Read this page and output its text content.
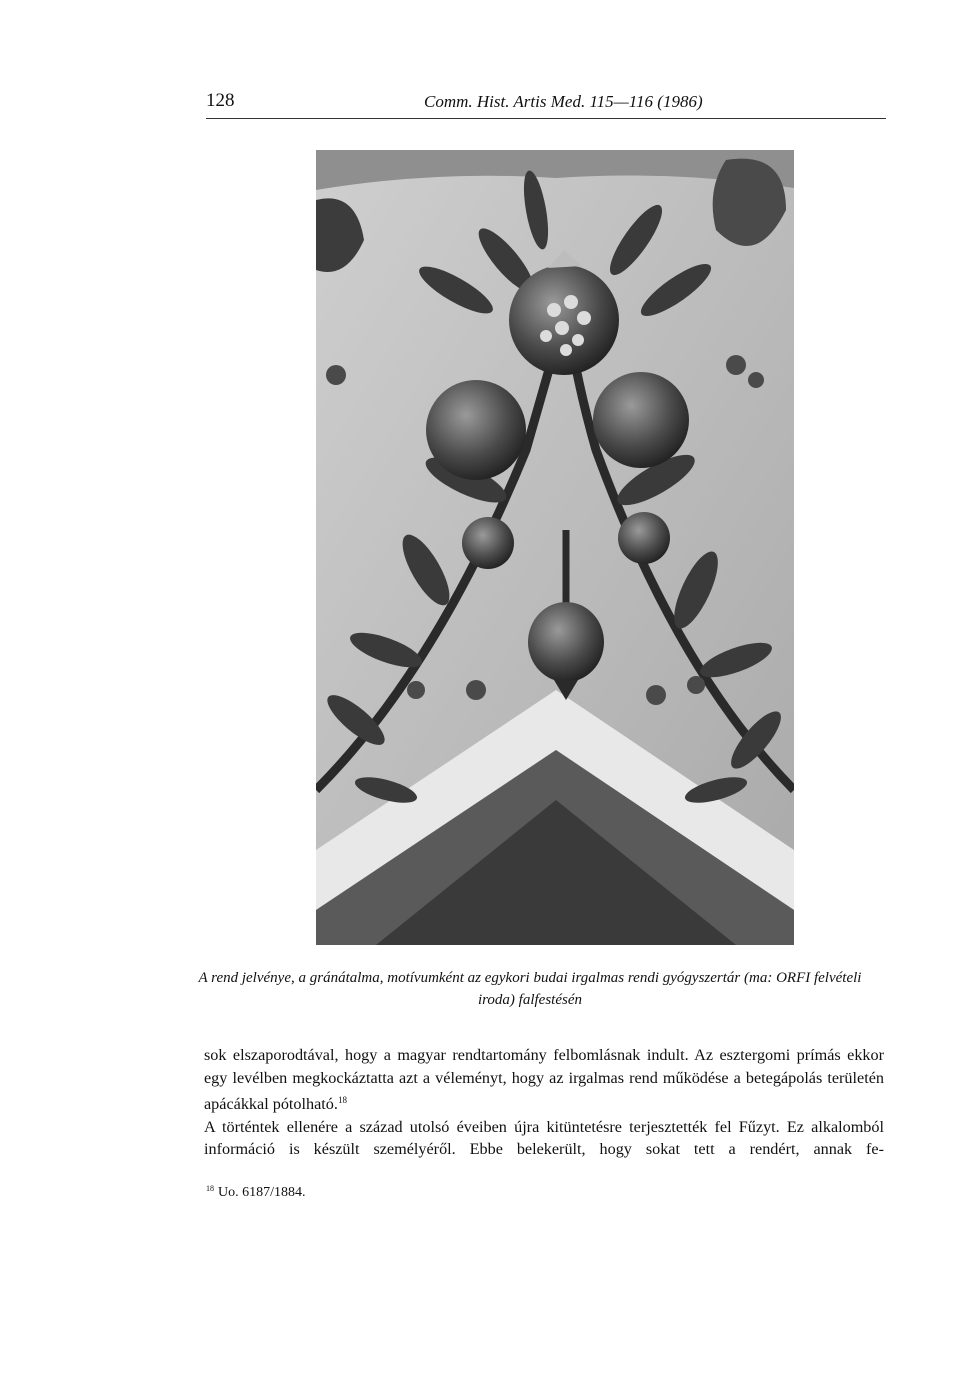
128	Comm. Hist. Artis Med. 115—116 (1986)
A rend jelvénye, a gránátalma, motívumként az egykori budai irgalmas rendi gyógyszertár (ma: ORFI felvételi iroda) falfestésén

sok elszaporodtával, hogy a magyar rendtartomány felbomlásnak indult. Az esztergomi prímás ekkor egy levélben megkockáztatta azt a véleményt, hogy az irgalmas rend működése a betegápolás területén apácákkal pótolható.$^{18}$

A történtek ellenére a század utolsó éveiben újra kitüntetésre terjesztették fel Fűzyt. Ez alkalomból információ is készült személyéről. Ebbe belekerült, hogy sokat tett a rendért, annak fe-

$^{18}$ Uo. 6187/1884.
